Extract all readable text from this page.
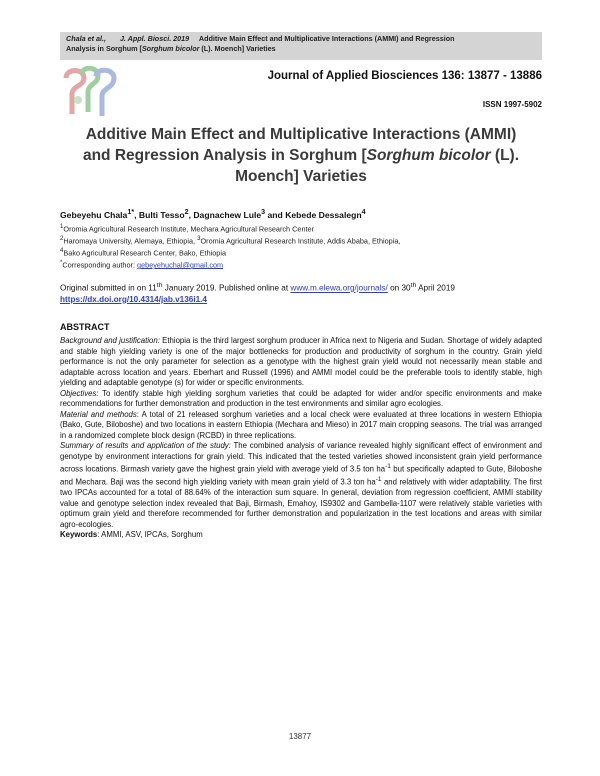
Chala et al., J. Appl. Biosci. 2019 Additive Main Effect and Multiplicative Interactions (AMMI) and Regression
Analysis in Sorghum [Sorghum bicolor (L). Moench] Varieties
Journal of Applied Biosciences 136: 13877 - 13886
ISSN 1997-5902
Additive Main Effect and Multiplicative Interactions (AMMI)
and Regression Analysis in Sorghum [Sorghum bicolor (L).
Moench] Varieties
Gebeyehu Chala$^{1*}$, Bulti Tesso$^2$, Dagnachew Lule$^3$ and Kebede Dessalegn$^4$
$^1$Oromia Agricultural Research Institute, Mechara Agricultural Research Center
$^2$Haromaya University, Alemaya, Ethiopia, $^3$Oromia Agricultural Research Institute, Addis Ababa, Ethiopia,
$^4$Bako Agricultural Research Center, Bako, Ethiopia
*Corresponding author: gebeyehuchal@gmail.com
Original submitted in on 11th January 2019. Published online at www.m.elewa.org/journals/ on 30th April 2019
https://dx.doi.org/10.4314/jab.v136i1.4
ABSTRACT

Background and justification: Ethiopia is the third largest sorghum producer in Africa next to Nigeria and Sudan. Shortage of widely adapted and stable high yielding variety is one of the major bottlenecks for production and productivity of sorghum in the country. Grain yield performance is not the only parameter for selection as a genotype with the highest grain yield would not necessarily mean stable and adaptable across location and years. Eberhart and Russell (1996) and AMMI model could be the preferable tools to identify stable, high yielding and adaptable genotype (s) for wider or specific environments.

Objectives: To identify stable high yielding sorghum varieties that could be adapted for wider and/or specific environments and make recommendations for further demonstration and production in the test environments and similar agro ecologies.

Material and methods: A total of 21 released sorghum varieties and a local check were evaluated at three locations in western Ethiopia (Bako, Gute, Biloboshe) and two locations in eastern Ethiopia (Mechara and Mieso) in 2017 main cropping seasons. The trial was arranged in a randomized complete block design (RCBD) in three replications.

Summary of results and application of the study: The combined analysis of variance revealed highly significant effect of environment and genotype by environment interactions for grain yield. This indicated that the tested varieties showed inconsistent grain yield performance across locations. Birmash variety gave the highest grain yield with average yield of 3.5 ton $ha^{-1}$ but specifically adapted to Gute, Biloboshe and Mechara. Baji was the second high yielding variety with mean grain yield of 3.3 ton $ha^{-1}$ and relatively with wider adaptability. The first two IPCAs accounted for a total of 88.64% of the interaction sum square. In general, deviation from regression coefficient, AMMI stability value and genotype selection index revealed that Baji, Birmash, Emahoy, IS9302 and Gambella-1107 were relatively stable varieties with optimum grain yield and therefore recommended for further demonstration and popularization in the test locations and areas with similar agro-ecologies.

Keywords: AMMI, ASV, IPCAs, Sorghum

13877
